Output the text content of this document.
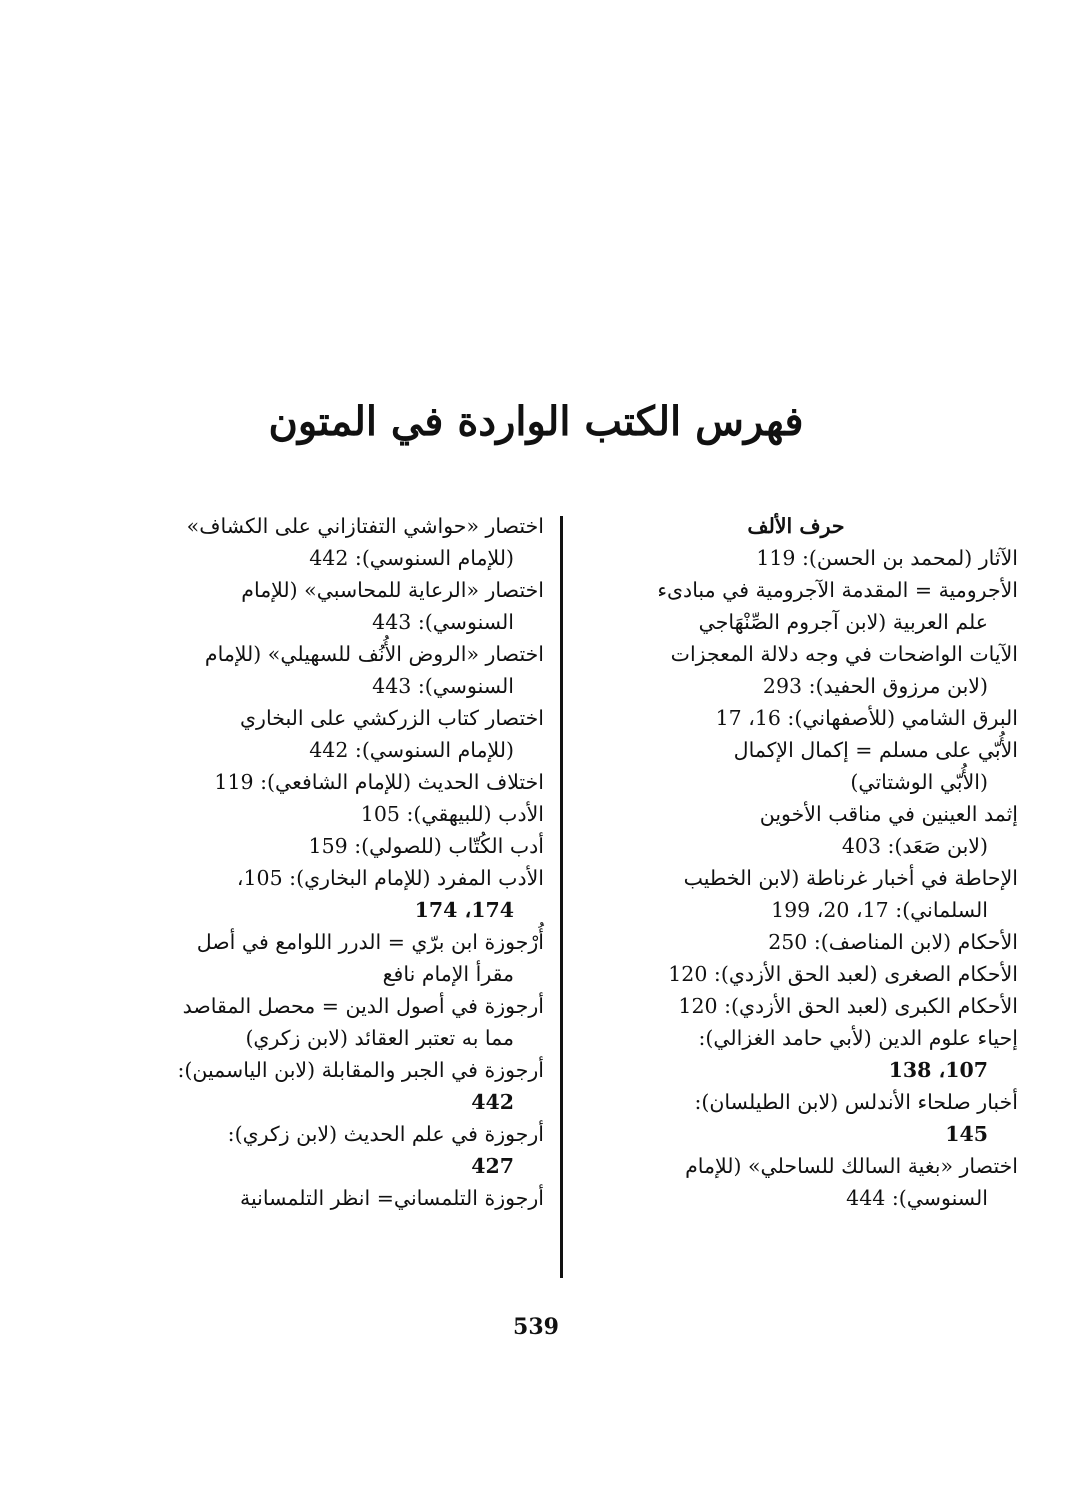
فهرس الكتب الواردة في المتون
حرف الألف
الآثار (لمحمد بن الحسن): 119
الأجرومية = المقدمة الآجرومية في مبادىء
علم العربية (لابن آجروم الصِّنْهَاجي
الآيات الواضحات في وجه دلالة المعجزات
(لابن مرزوق الحفيد): 293
البرق الشامي (للأصفهاني): 16، 17
الأُبّي على مسلم = إكمال الإكمال
(الأُبّي الوشتاتي)
إثمد العينين في مناقب الأخوين
(لابن صَعَد): 403
الإحاطة في أخبار غرناطة (لابن الخطيب
السلماني): 17، 20، 199
الأحكام (لابن المناصف): 250
الأحكام الصغرى (لعبد الحق الأزدي): 120
الأحكام الكبرى (لعبد الحق الأزدي): 120
إحياء علوم الدين (لأبي حامد الغزالي):
107، 138
أخبار صلحاء الأندلس (لابن الطيلسان):
145
اختصار «بغية السالك للساحلي» (للإمام
السنوسي): 444
اختصار «حواشي التفتازاني على الكشاف»
(للإمام السنوسي): 442
اختصار «الرعاية للمحاسبي» (للإمام
السنوسي): 443
اختصار «الروض الأُنُف للسهيلي» (للإمام
السنوسي): 443
اختصار كتاب الزركشي على البخاري
(للإمام السنوسي): 442
اختلاف الحديث (للإمام الشافعي): 119
الأدب (للبيهقي): 105
أدب الكُتّاب (للصولي): 159
الأدب المفرد (للإمام البخاري): 105،
174، 174
أُرْجوزة ابن برّي = الدرر اللوامع في أصل
مقرأ الإمام نافع
أرجوزة في أصول الدين = محصل المقاصد
مما به تعتبر العقائد (لابن زكري)
أرجوزة في الجبر والمقابلة (لابن الياسمين):
442
أرجوزة في علم الحديث (لابن زكري):
427
أرجوزة التلمساني= انظر التلمسانية
539
